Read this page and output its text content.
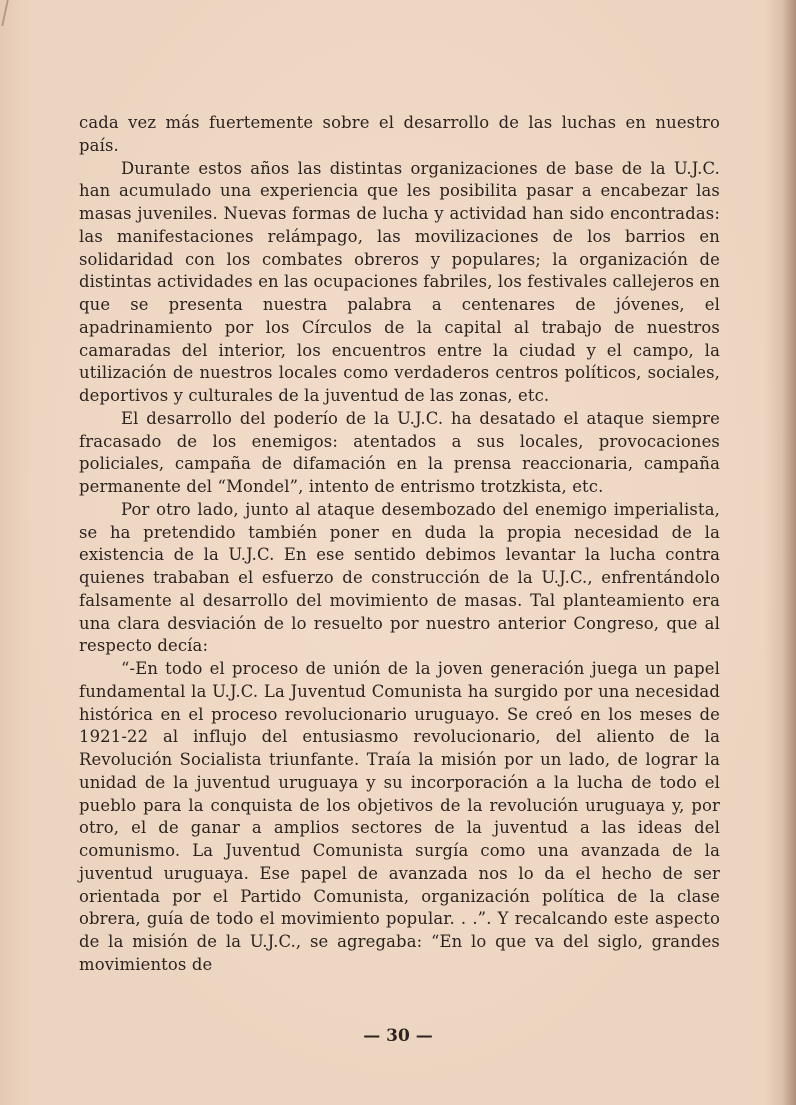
cada vez más fuertemente sobre el desarrollo de las luchas en nuestro país.

Durante estos años las distintas organizaciones de base de la U.J.C. han acumulado una experiencia que les posibilita pasar a encabezar las masas juveniles. Nuevas formas de lucha y actividad han sido encontradas: las manifestaciones relámpago, las movilizaciones de los barrios en solidaridad con los combates obreros y populares; la organización de distintas actividades en las ocupaciones fabriles, los festivales callejeros en que se presenta nuestra palabra a centenares de jóvenes, el apadrinamiento por los Círculos de la capital al trabajo de nuestros camaradas del interior, los encuentros entre la ciudad y el campo, la utilización de nuestros locales como verdaderos centros políticos, sociales, deportivos y culturales de la juventud de las zonas, etc.

El desarrollo del poderío de la U.J.C. ha desatado el ataque siempre fracasado de los enemigos: atentados a sus locales, provocaciones policiales, campaña de difamación en la prensa reaccionaria, campaña permanente del “Mondel”, intento de entrismo trotzkista, etc.

Por otro lado, junto al ataque desembozado del enemigo imperialista, se ha pretendido también poner en duda la propia necesidad de la existencia de la U.J.C. En ese sentido debimos levantar la lucha contra quienes trababan el esfuerzo de construcción de la U.J.C., enfrentándolo falsamente al desarrollo del movimiento de masas. Tal planteamiento era una clara desviación de lo resuelto por nuestro anterior Congreso, que al respecto decía:

“-En todo el proceso de unión de la joven generación juega un papel fundamental la U.J.C. La Juventud Comunista ha surgido por una necesidad histórica en el proceso revolucionario uruguayo. Se creó en los meses de 1921-22 al influjo del entusiasmo revolucionario, del aliento de la Revolución Socialista triunfante. Traía la misión por un lado, de lograr la unidad de la juventud uruguaya y su incorporación a la lucha de todo el pueblo para la conquista de los objetivos de la revolución uruguaya y, por otro, el de ganar a amplios sectores de la juventud a las ideas del comunismo. La Juventud Comunista surgía como una avanzada de la juventud uruguaya. Ese papel de avanzada nos lo da el hecho de ser orientada por el Partido Comunista, organización política de la clase obrera, guía de todo el movimiento popular. . .”. Y recalcando este aspecto de la misión de la U.J.C., se agregaba: “En lo que va del siglo, grandes movimientos de

— 30 —
